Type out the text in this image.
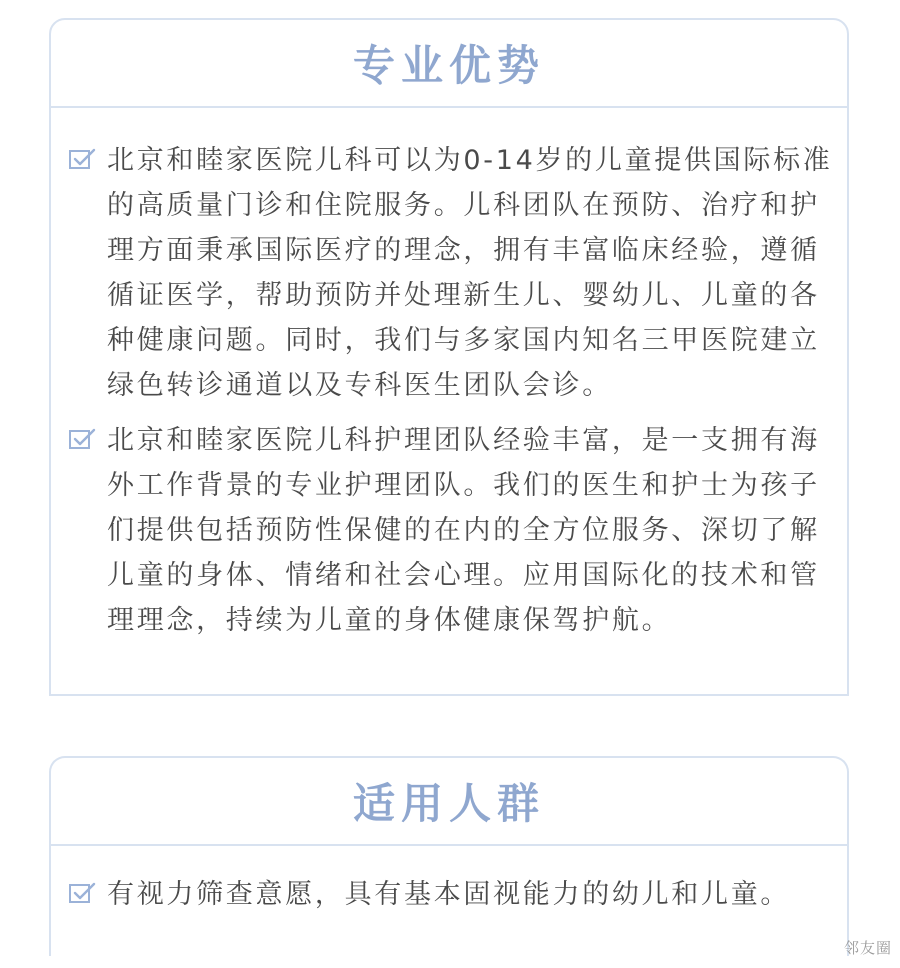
专业优势
北京和睦家医院儿科可以为0-14岁的儿童提供国际标准的高质量门诊和住院服务。儿科团队在预防、治疗和护理方面秉承国际医疗的理念，拥有丰富临床经验，遵循循证医学，帮助预防并处理新生儿、婴幼儿、儿童的各种健康问题。同时，我们与多家国内知名三甲医院建立绿色转诊通道以及专科医生团队会诊。
北京和睦家医院儿科护理团队经验丰富，是一支拥有海外工作背景的专业护理团队。我们的医生和护士为孩子们提供包括预防性保健的在内的全方位服务、深切了解儿童的身体、情绪和社会心理。应用国际化的技术和管理理念，持续为儿童的身体健康保驾护航。
适用人群
有视力筛查意愿，具有基本固视能力的幼儿和儿童。
邻友圈
